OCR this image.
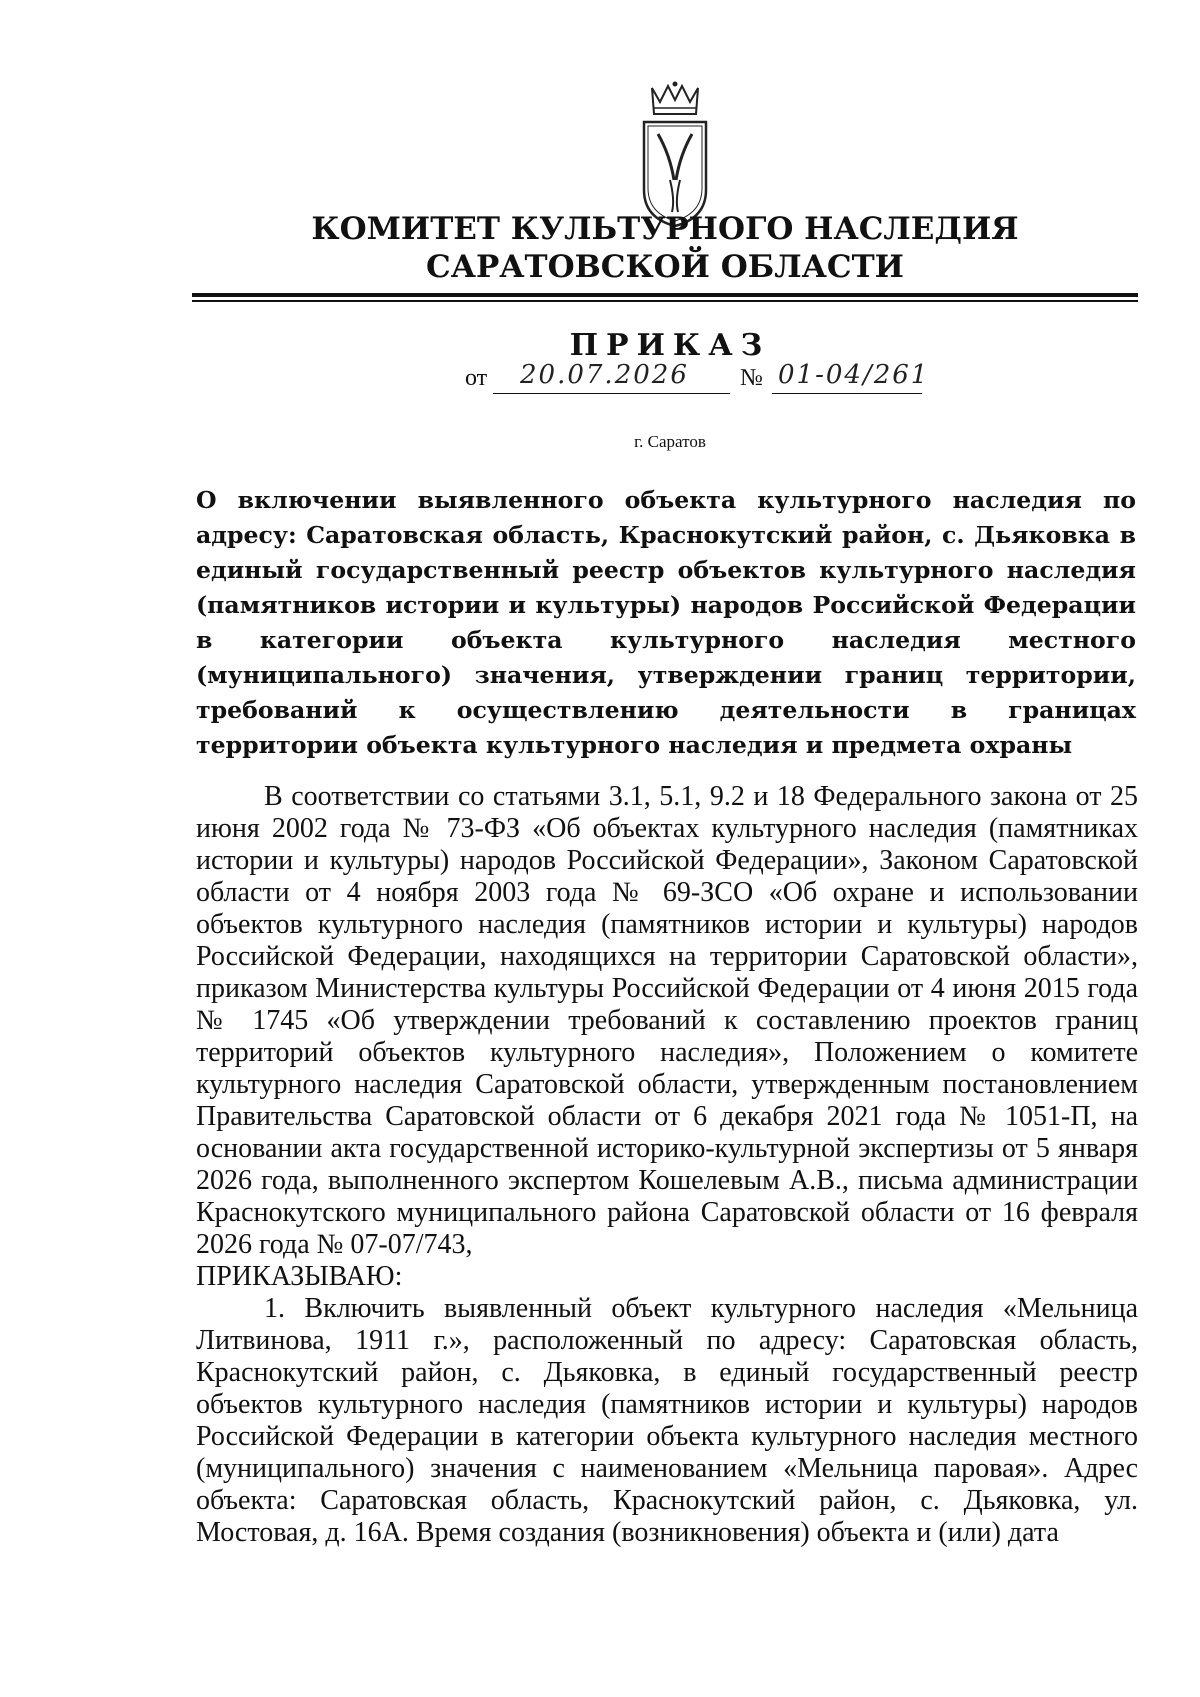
КОМИТЕТ КУЛЬТУРНОГО НАСЛЕДИЯ
САРАТОВСКОЙ ОБЛАСТИ
ПРИКАЗ
от 20.07.2026 № 01-04/261
г. Саратов
О включении выявленного объекта культурного наследия по адресу: Саратовская область, Краснокутский район, с. Дьяковка в единый государственный реестр объектов культурного наследия (памятников истории и культуры) народов Российской Федерации в категории объекта культурного наследия местного (муниципального) значения, утверждении границ территории, требований к осуществлению деятельности в границах территории объекта культурного наследия и предмета охраны

В соответствии со статьями 3.1, 5.1, 9.2 и 18 Федерального закона от 25 июня 2002 года № 73-ФЗ «Об объектах культурного наследия (памятниках истории и культуры) народов Российской Федерации», Законом Саратовской области от 4 ноября 2003 года № 69-ЗСО «Об охране и использовании объектов культурного наследия (памятников истории и культуры) народов Российской Федерации, находящихся на территории Саратовской области», приказом Министерства культуры Российской Федерации от 4 июня 2015 года № 1745 «Об утверждении требований к составлению проектов границ территорий объектов культурного наследия», Положением о комитете культурного наследия Саратовской области, утвержденным постановлением Правительства Саратовской области от 6 декабря 2021 года № 1051-П, на основании акта государственной историко-культурной экспертизы от 5 января 2026 года, выполненного экспертом Кошелевым А.В., письма администрации Краснокутского муниципального района Саратовской области от 16 февраля 2026 года № 07-07/743,

ПРИКАЗЫВАЮ:

1. Включить выявленный объект культурного наследия «Мельница Литвинова, 1911 г.», расположенный по адресу: Саратовская область, Краснокутский район, с. Дьяковка, в единый государственный реестр объектов культурного наследия (памятников истории и культуры) народов Российской Федерации в категории объекта культурного наследия местного (муниципального) значения с наименованием «Мельница паровая». Адрес объекта: Саратовская область, Краснокутский район, с. Дьяковка, ул. Мостовая, д. 16А. Время создания (возникновения) объекта и (или) дата
